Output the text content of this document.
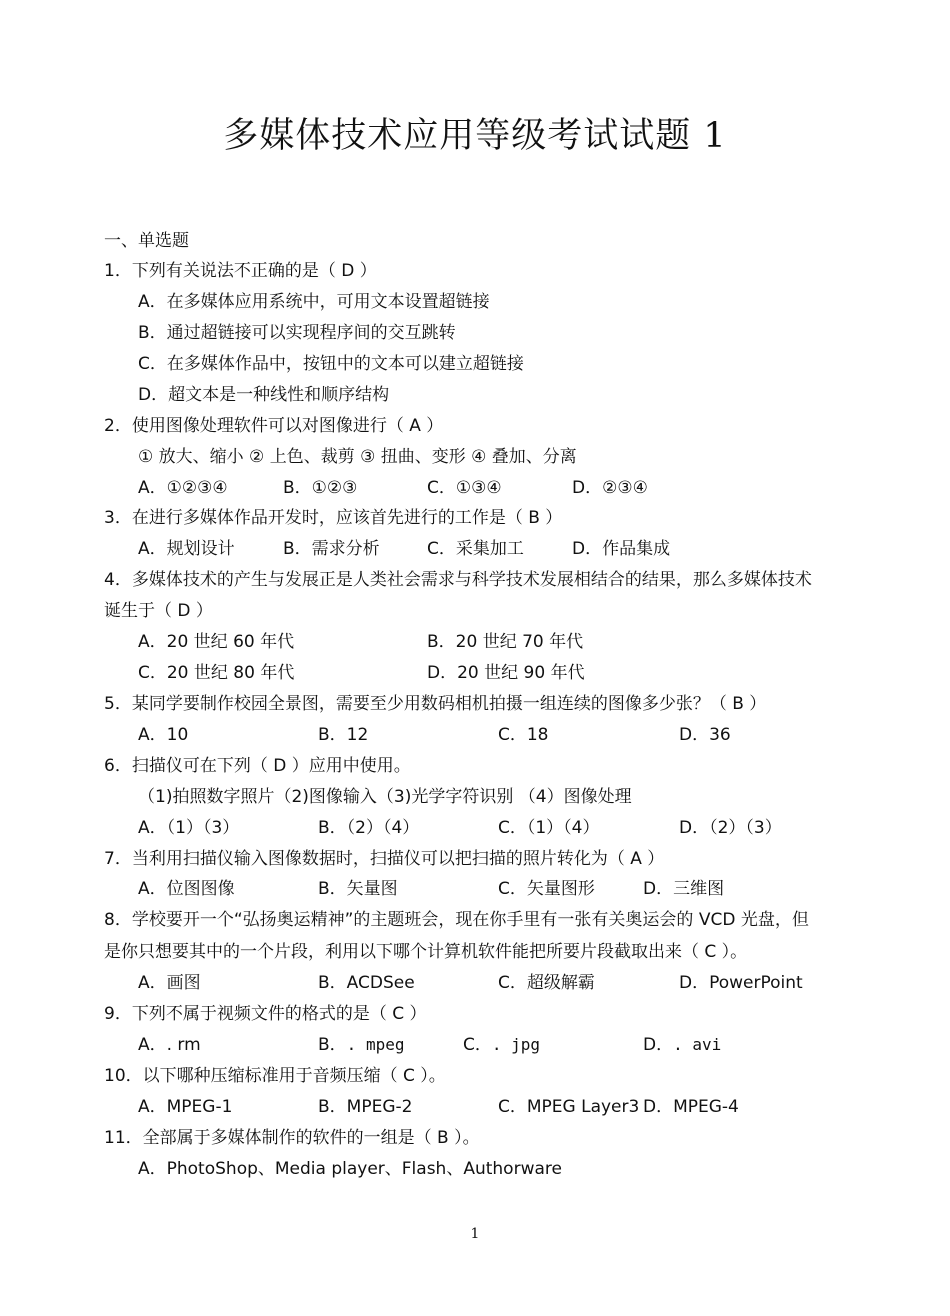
多媒体技术应用等级考试试题 1
一、单选题
1．下列有关说法不正确的是（ D ）
A．在多媒体应用系统中，可用文本设置超链接
B．通过超链接可以实现程序间的交互跳转
C．在多媒体作品中，按钮中的文本可以建立超链接
D．超文本是一种线性和顺序结构
2．使用图像处理软件可以对图像进行（ A ）
① 放大、缩小 ② 上色、裁剪 ③ 扭曲、变形 ④ 叠加、分离
A．①②③④	B．①②③	C．①③④	D．②③④
3．在进行多媒体作品开发时，应该首先进行的工作是（ B ）
A．规划设计	B．需求分析	C．采集加工	D．作品集成
4．多媒体技术的产生与发展正是人类社会需求与科学技术发展相结合的结果，那么多媒体技术
诞生于（ D ）
A．20 世纪 60 年代	B．20 世纪 70 年代
C．20 世纪 80 年代	D．20 世纪 90 年代
5．某同学要制作校园全景图，需要至少用数码相机拍摄一组连续的图像多少张？（ B ）
A．10	B．12	C．18	D．36
6．扫描仪可在下列（ D ）应用中使用。
（1)拍照数字照片（2)图像输入（3)光学字符识别 （4）图像处理
A．（1）（3）	B．（2）（4）	C．（1）（4）	D．（2）（3）
7．当利用扫描仪输入图像数据时，扫描仪可以把扫描的照片转化为（ A ）
A．位图图像	B．矢量图	C．矢量图形	D．三维图
8．学校要开一个“弘扬奥运精神”的主题班会，现在你手里有一张有关奥运会的 VCD 光盘，但
是你只想要其中的一个片段，利用以下哪个计算机软件能把所要片段截取出来（ C ）。
A．画图	B．ACDSee	C．超级解霸	D．PowerPoint
9．下列不属于视频文件的格式的是（ C ）
A．. rm	B．. mpeg	C．. jpg	D．. avi
10．以下哪种压缩标准用于音频压缩（ C ）。
A．MPEG-1	B．MPEG-2	C．MPEG Layer3 D．MPEG-4
11．全部属于多媒体制作的软件的一组是（ B ）。
A．PhotoShop、Media player、Flash、Authorware
1
